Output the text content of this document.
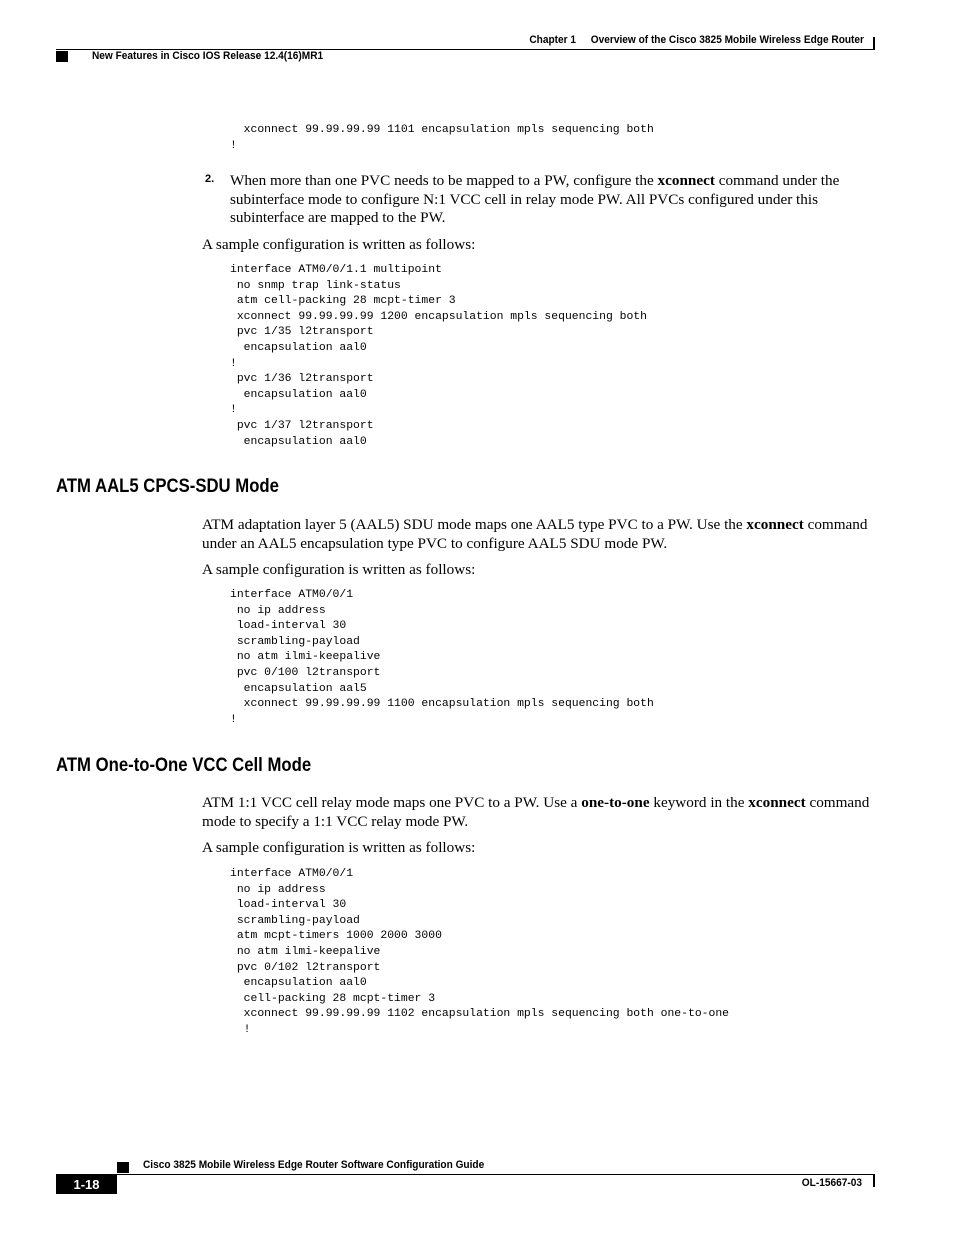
Chapter 1 Overview of the Cisco 3825 Mobile Wireless Edge Router
New Features in Cisco IOS Release 12.4(16)MR1
xconnect 99.99.99.99 1101 encapsulation mpls sequencing both
!
2. When more than one PVC needs to be mapped to a PW, configure the xconnect command under the subinterface mode to configure N:1 VCC cell in relay mode PW. All PVCs configured under this subinterface are mapped to the PW.

A sample configuration is written as follows:

interface ATM0/0/1.1 multipoint
no snmp trap link-status
atm cell-packing 28 mcpt-timer 3
xconnect 99.99.99.99 1200 encapsulation mpls sequencing both
pvc 1/35 l2transport
encapsulation aal0
!
pvc 1/36 l2transport
encapsulation aal0
!
pvc 1/37 l2transport
encapsulation aal0
ATM AAL5 CPCS-SDU Mode

ATM adaptation layer 5 (AAL5) SDU mode maps one AAL5 type PVC to a PW. Use the xconnect command under an AAL5 encapsulation type PVC to configure AAL5 SDU mode PW.

A sample configuration is written as follows:

interface ATM0/0/1
no ip address
load-interval 30
scrambling-payload
no atm ilmi-keepalive
pvc 0/100 l2transport
encapsulation aal5
xconnect 99.99.99.99 1100 encapsulation mpls sequencing both
!
ATM One-to-One VCC Cell Mode

ATM 1:1 VCC cell relay mode maps one PVC to a PW. Use a one-to-one keyword in the xconnect command mode to specify a 1:1 VCC relay mode PW.

A sample configuration is written as follows:

interface ATM0/0/1
no ip address
load-interval 30
scrambling-payload
atm mcpt-timers 1000 2000 3000
no atm ilmi-keepalive
pvc 0/102 l2transport
encapsulation aal0
cell-packing 28 mcpt-timer 3
xconnect 99.99.99.99 1102 encapsulation mpls sequencing both one-to-one
!
Cisco 3825 Mobile Wireless Edge Router Software Configuration Guide
1-18	OL-15667-03
